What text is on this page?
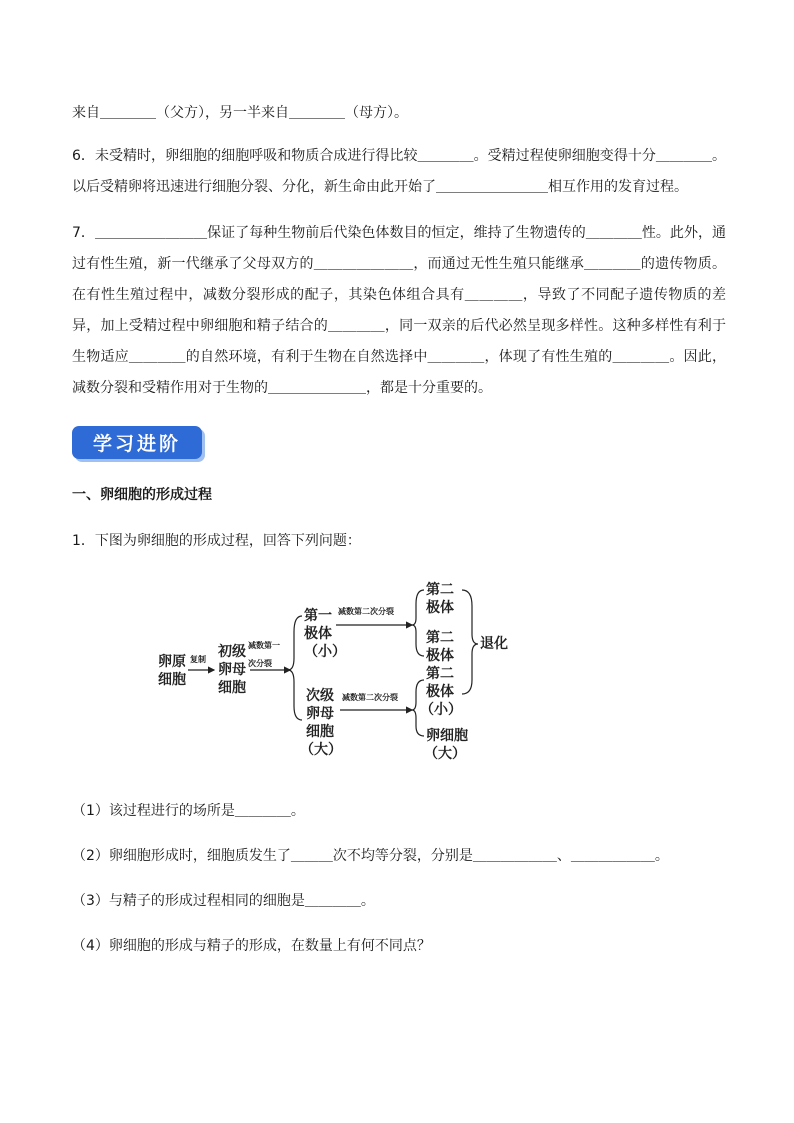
来自＿＿＿＿（父方），另一半来自＿＿＿＿（母方）。

6．未受精时，卵细胞的细胞呼吸和物质合成进行得比较＿＿＿＿。受精过程使卵细胞变得十分＿＿＿＿。以后受精卵将迅速进行细胞分裂、分化，新生命由此开始了＿＿＿＿＿＿＿＿相互作用的发育过程。

7．＿＿＿＿＿＿＿＿保证了每种生物前后代染色体数目的恒定，维持了生物遗传的＿＿＿＿性。此外，通过有性生殖，新一代继承了父母双方的＿＿＿＿＿＿＿，而通过无性生殖只能继承＿＿＿＿的遗传物质。在有性生殖过程中，减数分裂形成的配子，其染色体组合具有＿＿＿＿，导致了不同配子遗传物质的差异，加上受精过程中卵细胞和精子结合的＿＿＿＿，同一双亲的后代必然呈现多样性。这种多样性有利于生物适应＿＿＿＿的自然环境，有利于生物在自然选择中＿＿＿＿，体现了有性生殖的＿＿＿＿。因此，减数分裂和受精作用对于生物的＿＿＿＿＿＿＿，都是十分重要的。

学习进阶

一、卵细胞的形成过程

1．下图为卵细胞的形成过程，回答下列问题：

卵原
细胞
初级
卵母
细胞
第一
极体
（小）
第二
极体
第二
极体
退化
次级
卵母
细胞
（大）
第二
极体
（小）
卵细胞
（大）
复制
减数第一
次分裂
减数第二次分裂
减数第二次分裂

（1）该过程进行的场所是＿＿＿＿。

（2）卵细胞形成时，细胞质发生了＿＿＿次不均等分裂，分别是＿＿＿＿＿＿、＿＿＿＿＿＿。

（3）与精子的形成过程相同的细胞是＿＿＿＿。

（4）卵细胞的形成与精子的形成，在数量上有何不同点？
